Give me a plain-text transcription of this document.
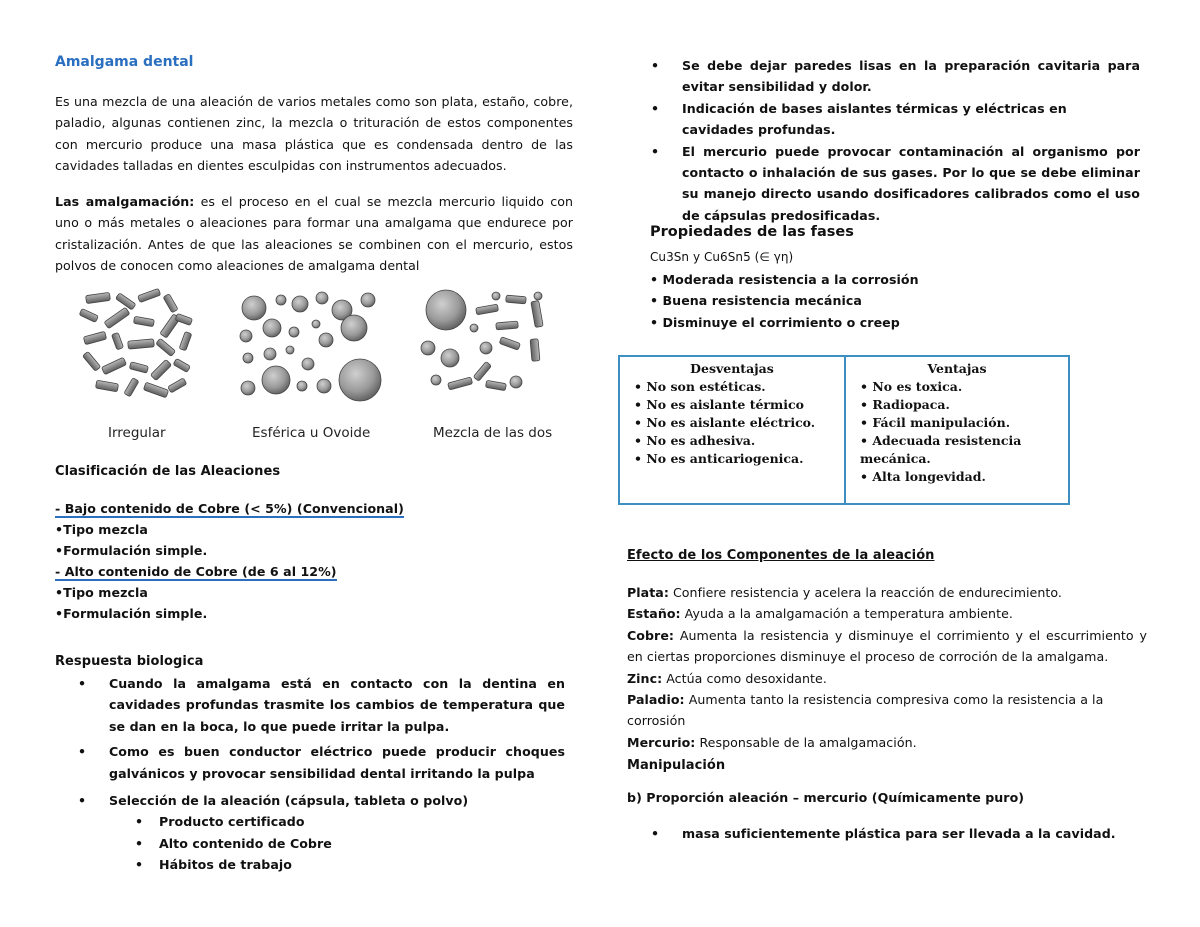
Amalgama dental
Es una mezcla de una aleación de varios metales como son plata, estaño, cobre, paladio, algunas contienen zinc, la mezcla o trituración de estos componentes con mercurio produce una masa plástica que es condensada dentro de las cavidades talladas en dientes esculpidas con instrumentos adecuados.
Las amalgamación: es el proceso en el cual se mezcla mercurio liquido con uno o más metales o aleaciones para formar una amalgama que endurece por cristalización. Antes de que las aleaciones se combinen con el mercurio, estos polvos de conocen como aleaciones de amalgama dental
Irregular	Esférica u Ovoide	Mezcla de las dos
Clasificación de las Aleaciones
- Bajo contenido de Cobre (< 5%) (Convencional)
•Tipo mezcla
•Formulación simple.
- Alto contenido de Cobre (de 6 al 12%)
•Tipo mezcla
•Formulación simple.
Respuesta biologica
•	Cuando la amalgama está en contacto con la dentina en cavidades profundas trasmite los cambios de temperatura que se dan en la boca, lo que puede irritar la pulpa.
•	Como es buen conductor eléctrico puede producir choques galvánicos y provocar sensibilidad dental irritando la pulpa
•	Selección de la aleación (cápsula, tableta o polvo)
•	Producto certificado
•	Alto contenido de Cobre
•	Hábitos de trabajo
•	Se debe dejar paredes lisas en la preparación cavitaria para evitar sensibilidad y dolor.
•	Indicación de bases aislantes térmicas y eléctricas en cavidades profundas.
•	El mercurio puede provocar contaminación al organismo por contacto o inhalación de sus gases. Por lo que se debe eliminar su manejo directo usando dosificadores calibrados como el uso de cápsulas predosificadas.
Propiedades de las fases
Cu3Sn y Cu6Sn5 (∈ γη)
• Moderada resistencia a la corrosión
• Buena resistencia mecánica
• Disminuye el corrimiento o creep
Desventajas
• No son estéticas.
• No es aislante térmico
• No es aislante eléctrico.
• No es adhesiva.
• No es anticariogenica.

Ventajas
• No es toxica.
• Radiopaca.
• Fácil manipulación.
• Adecuada resistencia mecánica.
• Alta longevidad.
Efecto de los Componentes de la aleación
Plata: Confiere resistencia y acelera la reacción de endurecimiento.
Estaño: Ayuda a la amalgamación a temperatura ambiente.
Cobre: Aumenta la resistencia y disminuye el corrimiento y el escurrimiento y en ciertas proporciones disminuye el proceso de corroción de la amalgama.
Zinc: Actúa como desoxidante.
Paladio: Aumenta tanto la resistencia compresiva como la resistencia a la corrosión
Mercurio: Responsable de la amalgamación.
Manipulación
b) Proporción aleación – mercurio (Químicamente puro)
•	masa suficientemente plástica para ser llevada a la cavidad.
